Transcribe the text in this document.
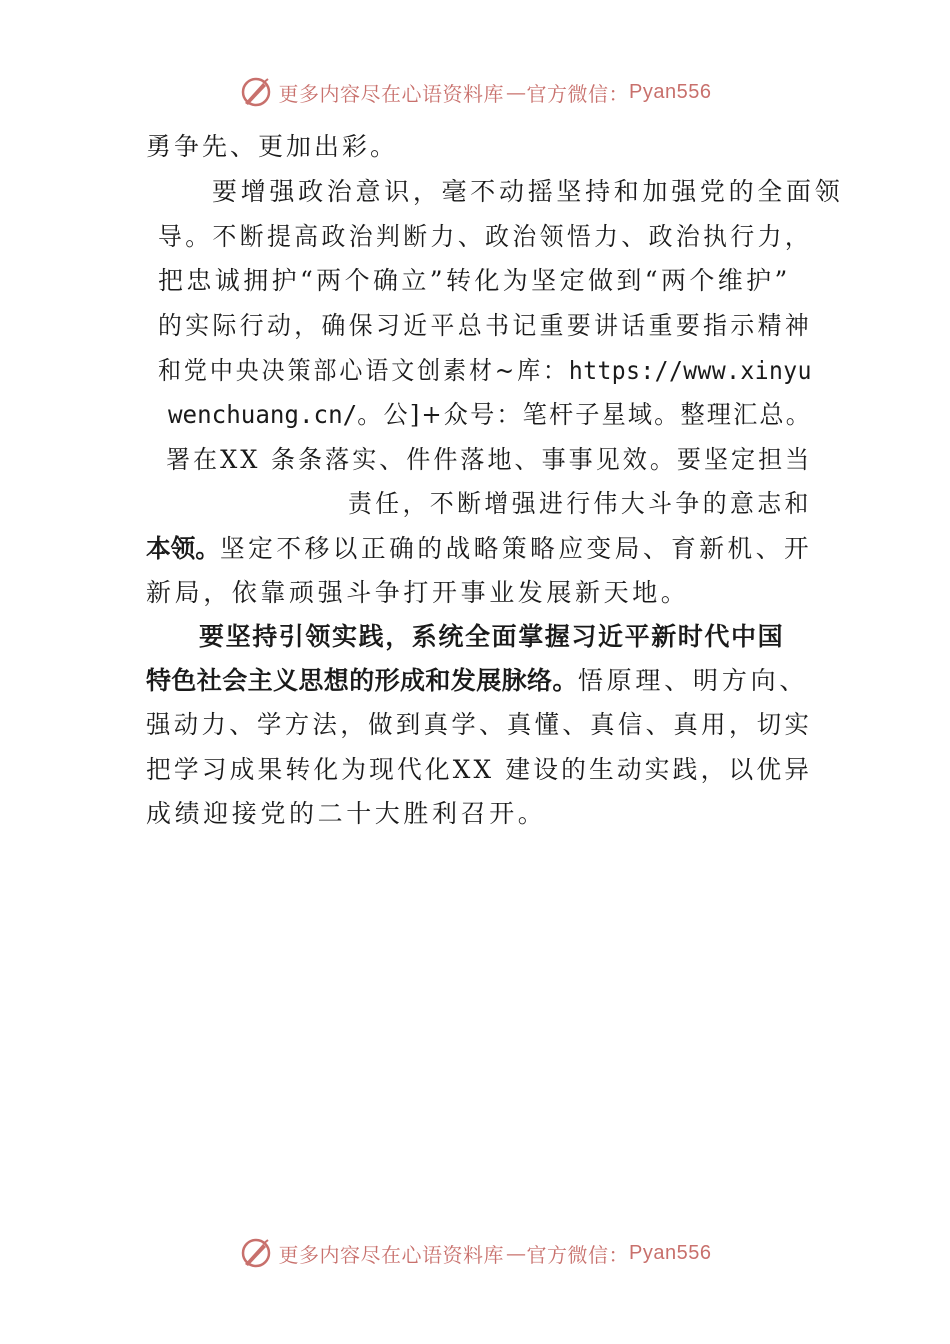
更多内容尽在心语资料库 — 官方微信： Pyan556
勇争先、更加出彩。
要增强政治意识，毫不动摇坚持和加强党的全面领
导。不断提高政治判断力、政治领悟力、政治执行力，
把忠诚拥护“两个确立”转化为坚定做到“两个维护”
的实际行动，确保习近平总书记重要讲话重要指示精神
和党中央决策部心语文创素材~库：https://www.xinyu
wenchuang.cn/。公]+众号：笔杆子星域。整理汇总。
署在XX 条条落实、件件落地、事事见效。要坚定担当
责任，不断增强进行伟大斗争的意志和
本领。坚定不移以正确的战略策略应变局、育新机、开
新局，依靠顽强斗争打开事业发展新天地。
要坚持引领实践，系统全面掌握习近平新时代中国
特色社会主义思想的形成和发展脉络。悟原理、明方向、
强动力、学方法，做到真学、真懂、真信、真用，切实
把学习成果转化为现代化XX 建设的生动实践，以优异
成绩迎接党的二十大胜利召开。
更多内容尽在心语资料库 — 官方微信： Pyan556
